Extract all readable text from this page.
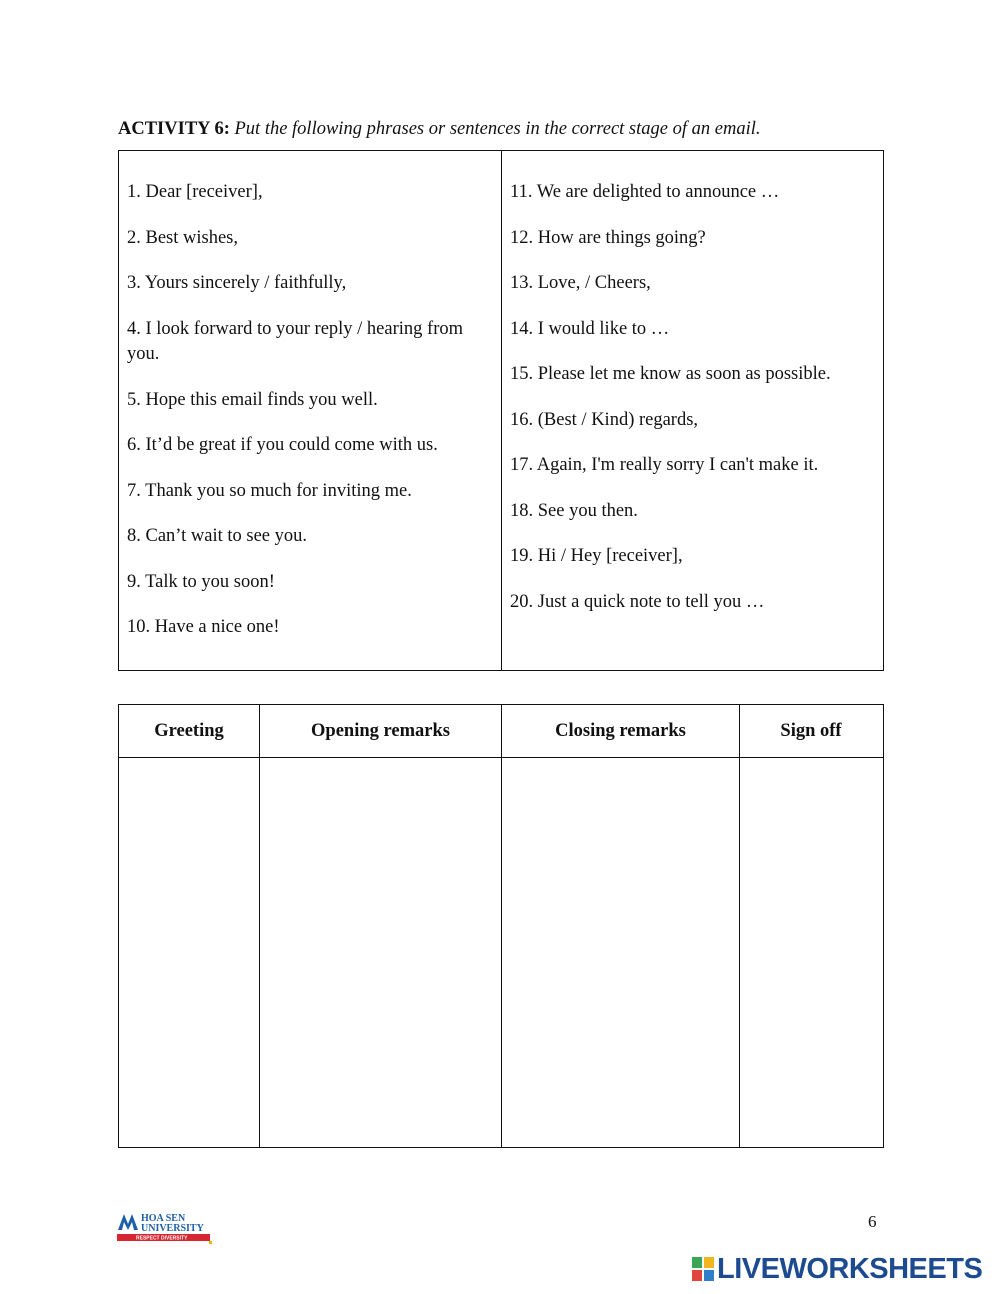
ACTIVITY 6: Put the following phrases or sentences in the correct stage of an email.

1. Dear [receiver],

2. Best wishes,

3. Yours sincerely / faithfully,

4. I look forward to your reply / hearing from you.

5. Hope this email finds you well.

6. It’d be great if you could come with us.

7. Thank you so much for inviting me.

8. Can’t wait to see you.

9. Talk to you soon!

10. Have a nice one!

11. We are delighted to announce …

12. How are things going?

13. Love, / Cheers,

14. I would like to …

15. Please let me know as soon as possible.

16. (Best / Kind) regards,

17. Again, I'm really sorry I can't make it.

18. See you then.

19. Hi / Hey [receiver],

20. Just a quick note to tell you …

Greeting	Opening remarks	Closing remarks	Sign off
HOA SEN
UNIVERSITY
RESPECT DIVERSITY
6
LIVEWORKSHEETS
